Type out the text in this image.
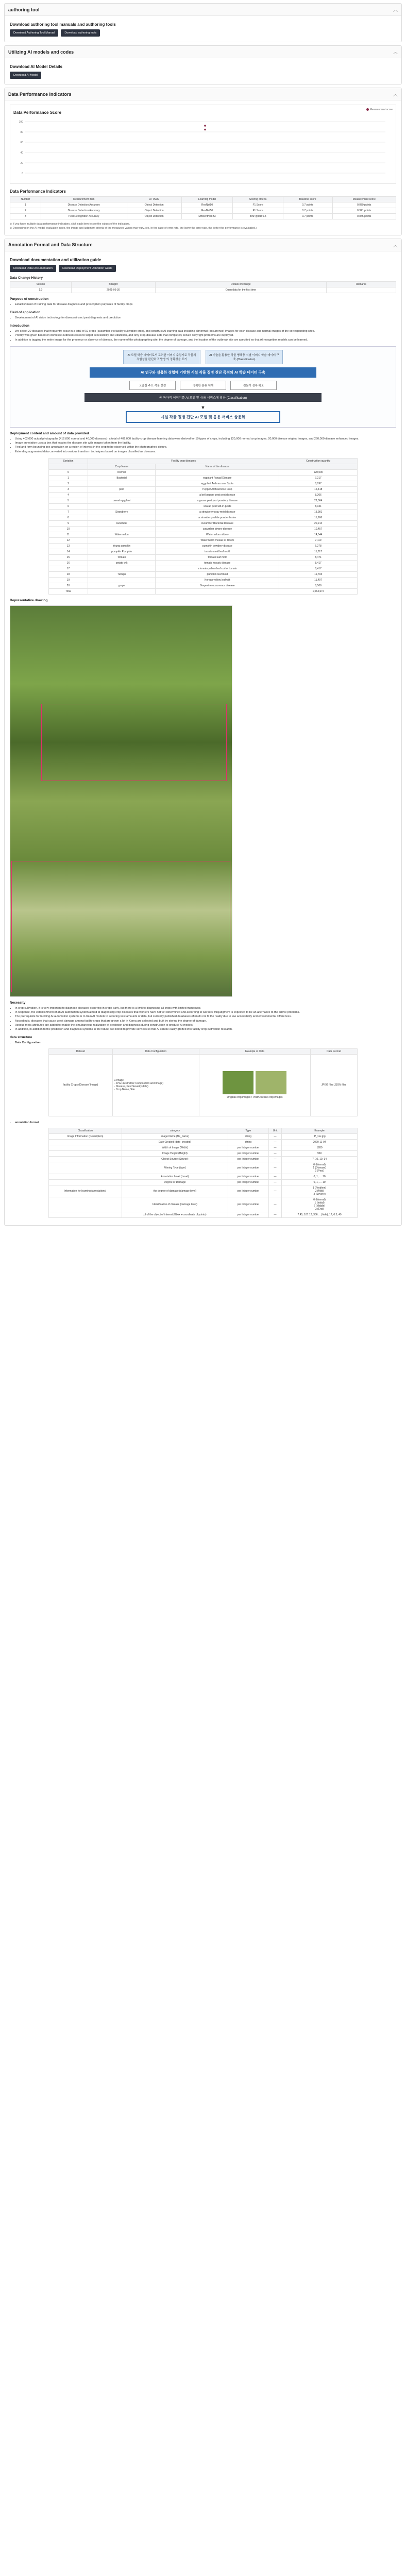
authoring tool	︿
Download authoring tool manuals and authoring tools
Download Authoring Tool Manual	Download authoring tools
Utilizing AI models and codes	︿
Download AI Model Details
Download AI Model
Data Performance Indicators	︿
Data Performance Score
Measurement score
0
20
40
60
80
100
Data Performance Indicators
Number	Measurement item	AI TASK	Learning model	Scoring criteria	Baseline score	Measurement score
1	Disease Detection Accuracy	Object Detection	ResNet50	F1 Score	0.7 points	0.879 points
2	Disease Detection Accuracy	Object Detection	ResNet50	F1 Score	0.7 points	0.921 points
3	Pest Recognition Accuracy	Object Detection	EfficientNet-B3	mAP@IoU 0.5	0.7 points	0.845 points

※ If you have multiple data performance indicators, click each item to see the values of the indicators.

※ Depending on the AI model evaluation index, the image and judgment criteria of the measured values may vary. (ex. In the case of error rate, the lower the error rate, the better the performance is evaluated.)

Annotation Format and Data Structure	︿
Download documentation and utilization guide
Download Data Documentation	Download Deployment Utilization Guide
Data Change History
Version	Straight	Details of change	Remarks
1.0	2021-06-30	Open data for the first time	
Purpose of construction
• Establishment of training data for disease diagnosis and prescription purposes of facility crops
Field of application
• Development of AI vision technology for disease/insect pest diagnosis and prediction
Introduction
• We select 20 diseases that frequently occur in a total of 10 crops (cucumber etc facility cultivation crop), and construct AI learning data including abnormal (occurrence) images for each disease and normal images of the corresponding sites.
• Priority was given based on domestic outbreak cases to target accessibility and utilization, and only crop-disease sets that completely solved copyright problems are deployed.
• In addition to tagging the entire image for the presence or absence of disease, the name of the photographing site, the degree of damage, and the location of the outbreak site are specified so that AI recognition models can be learned.
AI 모델 학습 데이터로서 고려한 이미지 수집기로 작물의 적합성을 판단하고 발병 의 정확성을 표기
AI 기술을 활용한 작물 병해충 식별 이미지 학습 데이터 구축 (Classification)
AI 연구와 실용화 경험에 기반한 시설 작물 질병 진단 목적의 AI 학습 데이터 구축
고품질 주요 작물 선정	정확한 분류 체계	전문가 검수 확보
총 독자적 이미지를 AI 모델 및 응용 서비스에 활용 (Classification)
▼
시설 작물 질병 진단 AI 모델 및 응용 서비스 상용화
Deployment content and amount of data provided
• Using 402,000 actual photographs (412,000 normal and 40,000 diseases), a total of 402,000 facility crop disease learning data were derived for 10 types of crops, including 120,000 normal crop images, 20,000 disease original images, and 260,000 disease enhanced images.
• Image annotation uses a box that locates the disease site with images taken from the facility.
• Find and form bounding box annotation on a region of interest in the crop to be observed within the photographed picture.
• Extending augmented data converted into various transform techniques based on images classified as diseases.
Sortation	Facility crop diseases		Construction quantity
	Crop Name	Name of the disease	
0	Normal		120,000
1	Bacterial	eggplant Fungal Disease	7,217
2		eggplant Anthracnose Spots	8,097
3	pest	Pepper Anthracnose Crop	16,418
4		a bell pepper pest pest disease	8,206
5	cereal eggplant	a grown pest pest powdery disease	22,564
6		scarab pest wilt-in-pests	8,341
7	Strawberry	a strawberry gray mold disease	13,981
8		a strawberry white powder-lesion	11,686
9	cucumber	cucumber Bacterial Disease	20,214
10		cucumber downy disease	10,457
11	Watermelon	Watermelon mildew	14,044
12		Watermelon mosaic of bloom	7,110
13	Young pumpkin	pumpkin powdery disease	6,278
14	pumpkin Pumpkin	tomato mold leaf mold	11,017
15	Tomato	Tomato leaf mold	8,471
16	potato wilt	tomato mosaic disease	8,417
17		a tomato yellow leaf curl of tomato	8,417
18	Turnips	pumpkin leaf mold	11,793
19		Korean yellow leaf wilt	11,497
20	grape	Grapevine occurrence disease	8,506
Total			1,064,672
Representative drawing
Necessity
• In crop cultivation, it is very important to diagnose diseases occurring in crops early, but there is a limit to diagnosing all crops with limited manpower.
• In response, the establishment of an AI automation system aimed at diagnosing crop diseases that workers have not yet determined and according to workers' misjudgment is expected to be an alternative to the above problems.
• The prerequisite for building AI automation systems is to train AI models to securing vast amounts of data, but currently published databases often do not fit the reality due to low accessibility and environmental differences.
• Accordingly, diseases that cause great damage among facility crops that are grown a lot in Korea are selected and built by storing the degree of damage.
• Various meta-attributes are added to enable the simultaneous realization of prediction and diagnosis during construction to produce AI models.
• In addition, in addition to the prediction and diagnosis systems in the future, we intend to provide services so that AI can be easily grafted into facility crop cultivation research.
data structure
• Data Configuration
Dataset	Data Configuration	Example of Data	Data Format
facility Crops (Disease/ Image)	● Image
· JPG File (Indoor Composition and Image)
· Disease, Pest Severity (File)
· Crop Name, Site	Original crop images / Pest/Disease crop images	JPEG files JSON files
• annotation format
Classification	category	Type	Unit	Example
Image Information (Description)	Image Name (file_name)	string	—	IP_xxx.jpg
	Date Created (date_created)	string	—	2020-11-04
	Width of Image (Width)	per Integer number	—	1280
	Image Height (Height)	per Integer number	—	960
	Object Source (Source)	per Integer number	—	7, 10, 10, 34
	Filming Type (type)	per Integer number	—	0 (Normal)
1 (Disease)
2 (Pest)
	Annotation Level (Level)	per Integer number	—	0, 1, … 10
	Degree of Damage	per Integer number	—	0, 1, … 10
Information for learning (annotations)	the degree of damage (damage level)	per Integer number	—	1 (Problem)
2 (Mild)
3 (Severe)
	Identification of disease (damage level)	per Integer number	—	0 (Normal)
1 (Initial)
2 (Middle)
3 (End)
	xtl of the object of interest (Bbox x-coordinate of points)	per Integer number	—	7.45, 187.12, 356 ... (hide), 17, 0.3, 49
